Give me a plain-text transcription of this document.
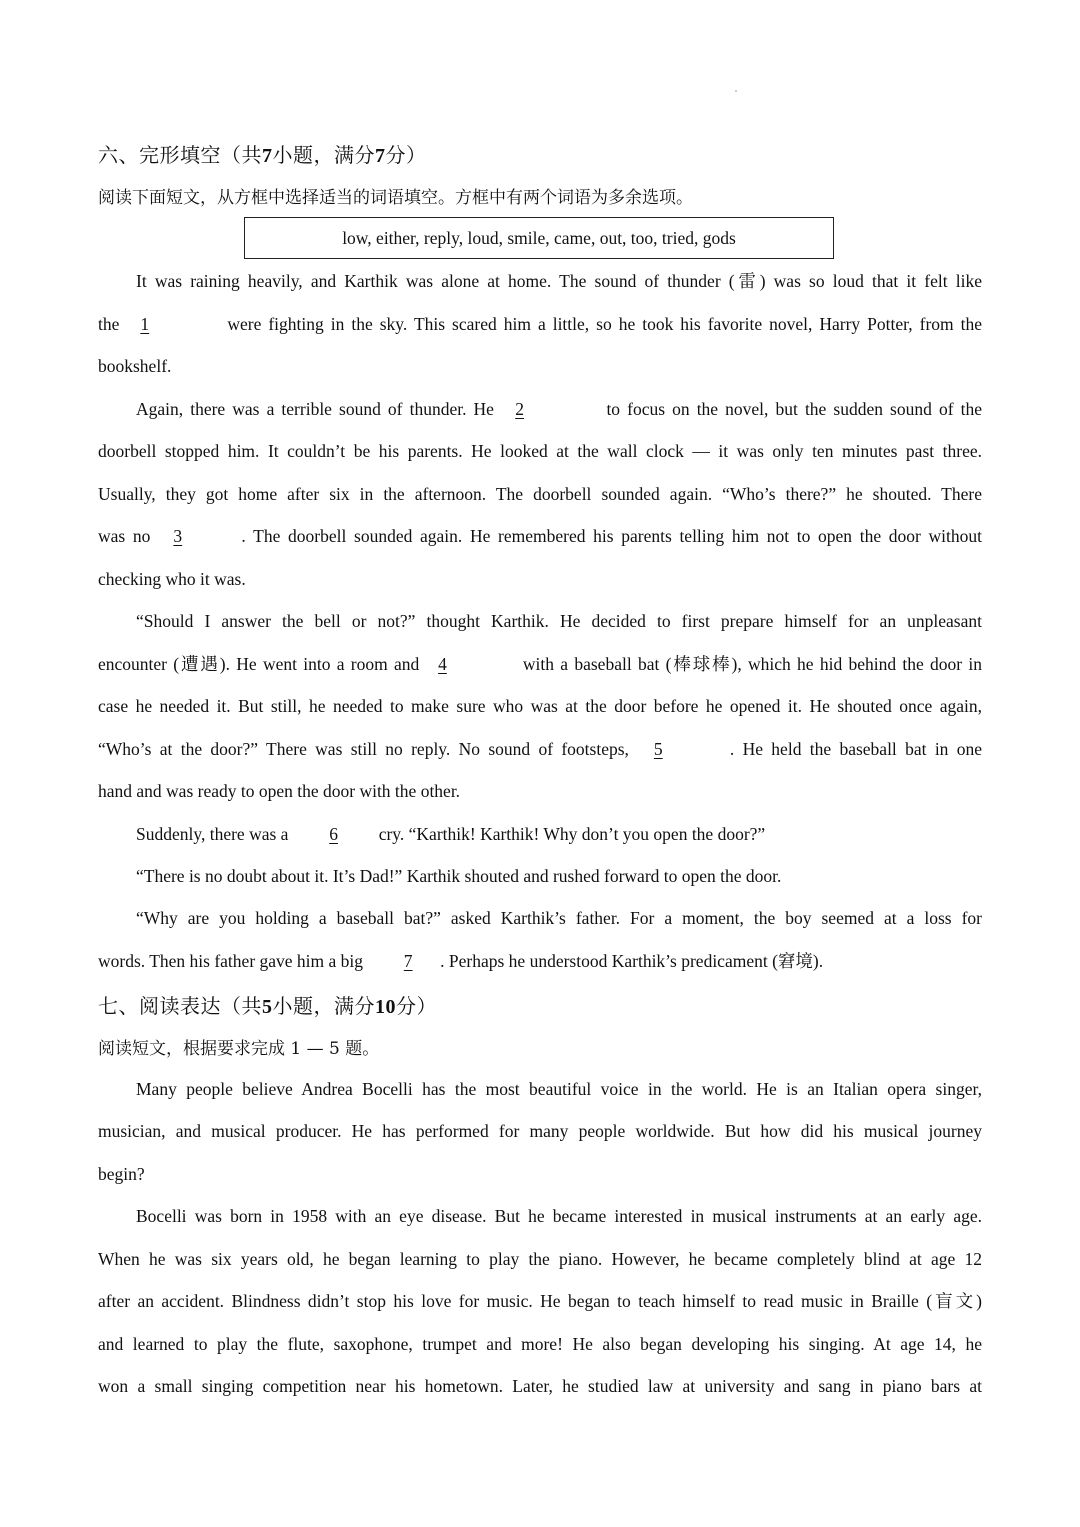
六、完形填空（共7小题，满分7分）
阅读下面短文，从方框中选择适当的词语填空。方框中有两个词语为多余选项。
low, either, reply, loud, smile, came, out, too, tried, gods
It was raining heavily, and Karthik was alone at home. The sound of thunder (雷) was so loud that it felt like
the 1	were fighting in the sky. This scared him a little, so he took his favorite novel, Harry Potter, from the
bookshelf.
Again, there was a terrible sound of thunder. He 2	to focus on the novel, but the sudden sound of the
doorbell stopped him. It couldn’t be his parents. He looked at the wall clock — it was only ten minutes past three.
Usually, they got home after six in the afternoon. The doorbell sounded again. “Who’s there?” he shouted. There
was no 3	. The doorbell sounded again. He remembered his parents telling him not to open the door without
checking who it was.
“Should I answer the bell or not?” thought Karthik. He decided to first prepare himself for an unpleasant
encounter (遭遇). He went into a room and 4	with a baseball bat (棒球棒), which he hid behind the door in
case he needed it. But still, he needed to make sure who was at the door before he opened it. He shouted once again,
“Who’s at the door?” There was still no reply. No sound of footsteps, 5	. He held the baseball bat in one
hand and was ready to open the door with the other.
Suddenly, there was a 6 cry. “Karthik! Karthik! Why don’t you open the door?”
“There is no doubt about it. It’s Dad!” Karthik shouted and rushed forward to open the door.
“Why are you holding a baseball bat?” asked Karthik’s father. For a moment, the boy seemed at a loss for
words. Then his father gave him a big 7 . Perhaps he understood Karthik’s predicament (窘境).
七、阅读表达（共5小题，满分10分）
阅读短文，根据要求完成 1 — 5 题。
Many people believe Andrea Bocelli has the most beautiful voice in the world. He is an Italian opera singer,
musician, and musical producer. He has performed for many people worldwide. But how did his musical journey
begin?
Bocelli was born in 1958 with an eye disease. But he became interested in musical instruments at an early age.
When he was six years old, he began learning to play the piano. However, he became completely blind at age 12
after an accident. Blindness didn’t stop his love for music. He began to teach himself to read music in Braille (盲文)
and learned to play the flute, saxophone, trumpet and more! He also began developing his singing. At age 14, he
won a small singing competition near his hometown. Later, he studied law at university and sang in piano bars at
